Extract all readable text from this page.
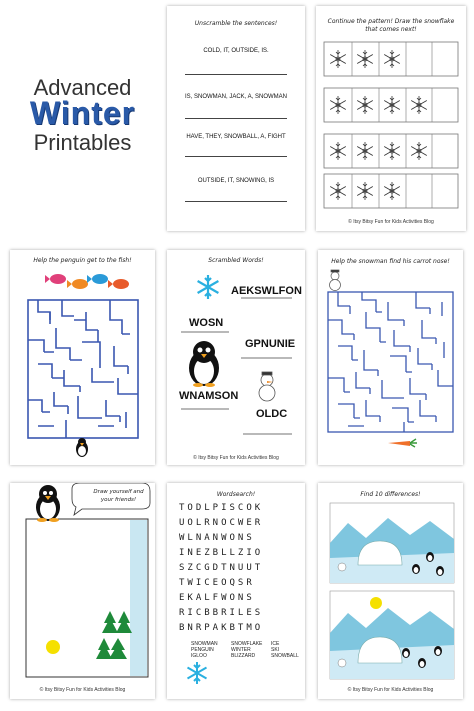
Advanced
Winter
Printables
Unscramble the sentences!
COLD, IT, OUTSIDE, IS.
IS, SNOWMAN, JACK, A, SNOWMAN
HAVE, THEY, SNOWBALL, A, FIGHT
OUTSIDE, IT, SNOWING, IS
Continue the pattern! Draw the snowflake
that comes next!
© Itsy Bitsy Fun for Kids Activities Blog
Help the penguin get to the fish!	Scrambled Words!
AEKSWLFON
WOSN
GPNUNIE
WNAMSON
OLDC
© Itsy Bitsy Fun for Kids Activities Blog
Help the snowman find his carrot nose!
Draw yourself and
your friends!
© Itsy Bitsy Fun for Kids Activities Blog
Wordsearch!
TODLPISCOK
UOLRNOCWER
WLNANWONS
INEZBLLZIO
SZCGDTNUUT
TWICEOQSR
EKALFWONS
RICBBRILES
BNRPAKBTMO
SNOWMAN
PENGUIN
IGLOO
SNOWFLAKE
WINTER
BLIZZARD
ICE
SKI
SNOWBALL
Find 10 differences!
© Itsy Bitsy Fun for Kids Activities Blog
